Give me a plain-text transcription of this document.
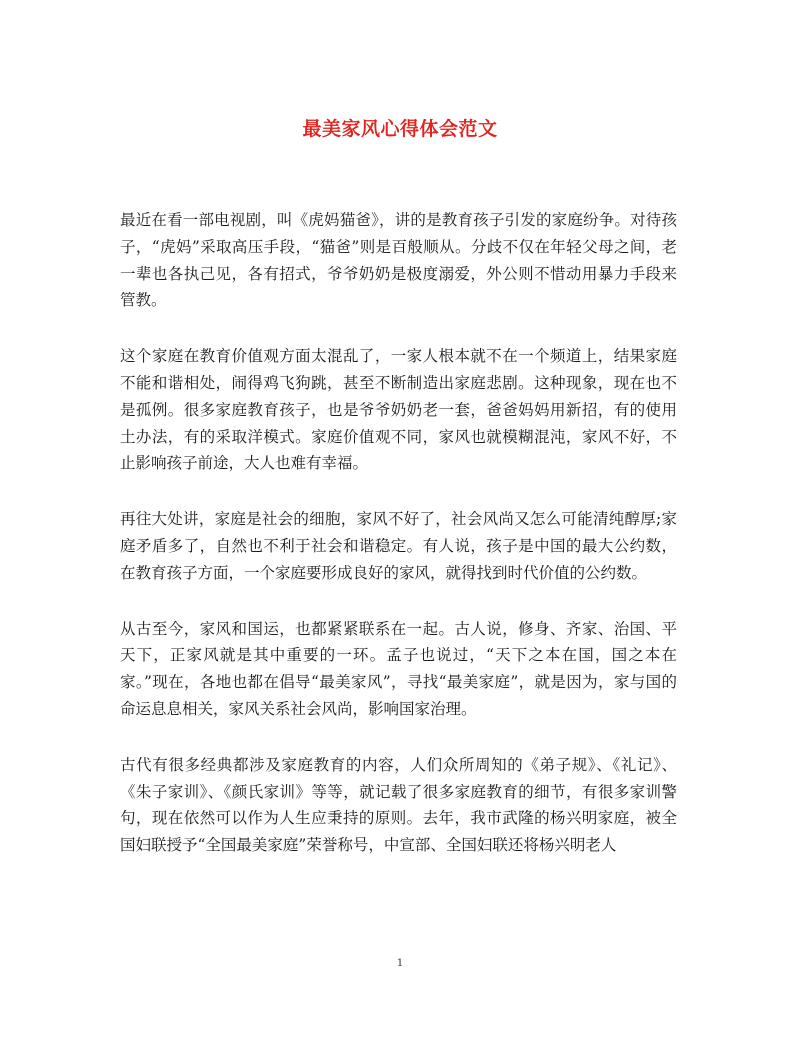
最美家风心得体会范文

最近在看一部电视剧，叫《虎妈猫爸》，讲的是教育孩子引发的家庭纷争。对待孩子，“虎妈”采取高压手段，“猫爸”则是百般顺从。分歧不仅在年轻父母之间，老一辈也各执己见，各有招式，爷爷奶奶是极度溺爱，外公则不惜动用暴力手段来管教。

这个家庭在教育价值观方面太混乱了，一家人根本就不在一个频道上，结果家庭不能和谐相处，闹得鸡飞狗跳，甚至不断制造出家庭悲剧。这种现象，现在也不是孤例。很多家庭教育孩子，也是爷爷奶奶老一套，爸爸妈妈用新招，有的使用土办法，有的采取洋模式。家庭价值观不同，家风也就模糊混沌，家风不好，不止影响孩子前途，大人也难有幸福。

再往大处讲，家庭是社会的细胞，家风不好了，社会风尚又怎么可能清纯醇厚;家庭矛盾多了，自然也不利于社会和谐稳定。有人说，孩子是中国的最大公约数，在教育孩子方面，一个家庭要形成良好的家风，就得找到时代价值的公约数。

从古至今，家风和国运，也都紧紧联系在一起。古人说，修身、齐家、治国、平天下，正家风就是其中重要的一环。孟子也说过，“天下之本在国，国之本在家。”现在，各地也都在倡导“最美家风”，寻找“最美家庭”，就是因为，家与国的命运息息相关，家风关系社会风尚，影响国家治理。

古代有很多经典都涉及家庭教育的内容，人们众所周知的《弟子规》、《礼记》、《朱子家训》、《颜氏家训》等等，就记载了很多家庭教育的细节，有很多家训警句，现在依然可以作为人生应秉持的原则。去年，我市武隆的杨兴明家庭，被全国妇联授予“全国最美家庭”荣誉称号，中宣部、全国妇联还将杨兴明老人

1
